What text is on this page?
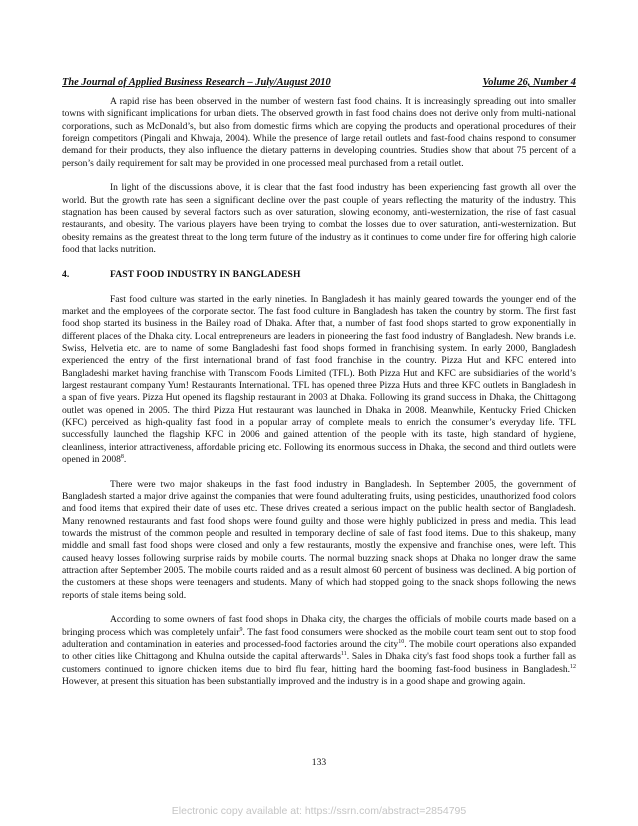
The Journal of Applied Business Research – July/August 2010	Volume 26, Number 4

A rapid rise has been observed in the number of western fast food chains. It is increasingly spreading out into smaller towns with significant implications for urban diets. The observed growth in fast food chains does not derive only from multi-national corporations, such as McDonald’s, but also from domestic firms which are copying the products and operational procedures of their foreign competitors (Pingali and Khwaja, 2004). While the presence of large retail outlets and fast-food chains respond to consumer demand for their products, they also influence the dietary patterns in developing countries. Studies show that about 75 percent of a person’s daily requirement for salt may be provided in one processed meal purchased from a retail outlet.

In light of the discussions above, it is clear that the fast food industry has been experiencing fast growth all over the world. But the growth rate has seen a significant decline over the past couple of years reflecting the maturity of the industry. This stagnation has been caused by several factors such as over saturation, slowing economy, anti-westernization, the rise of fast casual restaurants, and obesity. The various players have been trying to combat the losses due to over saturation, anti-westernization. But obesity remains as the greatest threat to the long term future of the industry as it continues to come under fire for offering high calorie food that lacks nutrition.

4.	FAST FOOD INDUSTRY IN BANGLADESH

Fast food culture was started in the early nineties. In Bangladesh it has mainly geared towards the younger end of the market and the employees of the corporate sector. The fast food culture in Bangladesh has taken the country by storm. The first fast food shop started its business in the Bailey road of Dhaka. After that, a number of fast food shops started to grow exponentially in different places of the Dhaka city. Local entrepreneurs are leaders in pioneering the fast food industry of Bangladesh. New brands i.e. Swiss, Helvetia etc. are to name of some Bangladeshi fast food shops formed in franchising system. In early 2000, Bangladesh experienced the entry of the first international brand of fast food franchise in the country. Pizza Hut and KFC entered into Bangladeshi market having franchise with Transcom Foods Limited (TFL). Both Pizza Hut and KFC are subsidiaries of the world’s largest restaurant company Yum! Restaurants International. TFL has opened three Pizza Huts and three KFC outlets in Bangladesh in a span of five years. Pizza Hut opened its flagship restaurant in 2003 at Dhaka. Following its grand success in Dhaka, the Chittagong outlet was opened in 2005. The third Pizza Hut restaurant was launched in Dhaka in 2008. Meanwhile, Kentucky Fried Chicken (KFC) perceived as high-quality fast food in a popular array of complete meals to enrich the consumer’s everyday life. TFL successfully launched the flagship KFC in 2006 and gained attention of the people with its taste, high standard of hygiene, cleanliness, interior attractiveness, affordable pricing etc. Following its enormous success in Dhaka, the second and third outlets were opened in 2008$^8$.

There were two major shakeups in the fast food industry in Bangladesh. In September 2005, the government of Bangladesh started a major drive against the companies that were found adulterating fruits, using pesticides, unauthorized food colors and food items that expired their date of uses etc. These drives created a serious impact on the public health sector of Bangladesh. Many renowned restaurants and fast food shops were found guilty and those were highly publicized in press and media. This lead towards the mistrust of the common people and resulted in temporary decline of sale of fast food items. Due to this shakeup, many middle and small fast food shops were closed and only a few restaurants, mostly the expensive and franchise ones, were left. This caused heavy losses following surprise raids by mobile courts. The normal buzzing snack shops at Dhaka no longer draw the same attraction after September 2005. The mobile courts raided and as a result almost 60 percent of business was declined. A big portion of the customers at these shops were teenagers and students. Many of which had stopped going to the snack shops following the news reports of stale items being sold.

According to some owners of fast food shops in Dhaka city, the charges the officials of mobile courts made based on a bringing process which was completely unfair$^9$. The fast food consumers were shocked as the mobile court team sent out to stop food adulteration and contamination in eateries and processed-food factories around the city$^{10}$. The mobile court operations also expanded to other cities like Chittagong and Khulna outside the capital afterwards$^{11}$. Sales in Dhaka city's fast food shops took a further fall as customers continued to ignore chicken items due to bird flu fear, hitting hard the booming fast-food business in Bangladesh.$^{12}$ However, at present this situation has been substantially improved and the industry is in a good shape and growing again.

133
Electronic copy available at: https://ssrn.com/abstract=2854795
